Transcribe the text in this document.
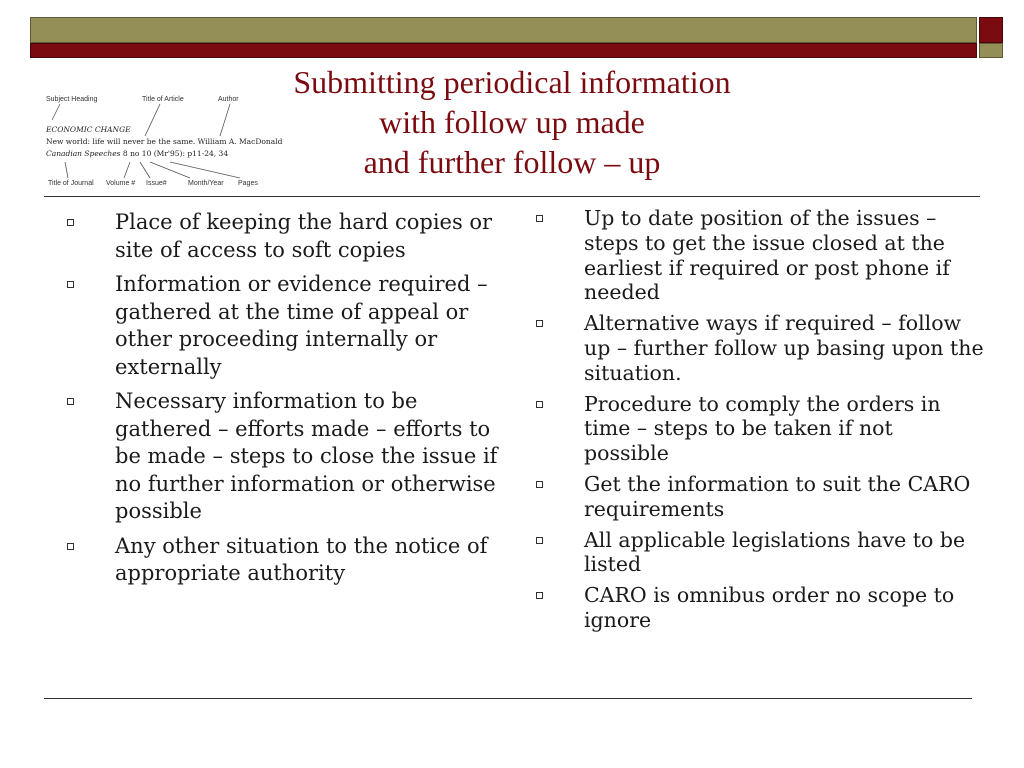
Subject Heading	Title of Article	Author
ECONOMIC CHANGE
New world: life will never be the same. William A. MacDonald
Canadian Speeches 8 no 10 (Mr'95): p11-24, 34
Title of Journal Volume # Issue#	Month/Year Pages
Submitting periodical information
with follow up made
and further follow – up
Place of keeping the hard copies or site of access to soft copies
Information or evidence required – gathered at the time of appeal or other proceeding internally or externally
Necessary information to be gathered – efforts made – efforts to be made – steps to close the issue if no further information or otherwise possible
Any other situation to the notice of appropriate authority
Up to date position of the issues – steps to get the issue closed at the earliest if required or post phone if needed
Alternative ways if required – follow up – further follow up basing upon the situation.
Procedure to comply the orders in time – steps to be taken if not possible
Get the information to suit the CARO requirements
All applicable legislations have to be listed
CARO is omnibus order no scope to ignore
